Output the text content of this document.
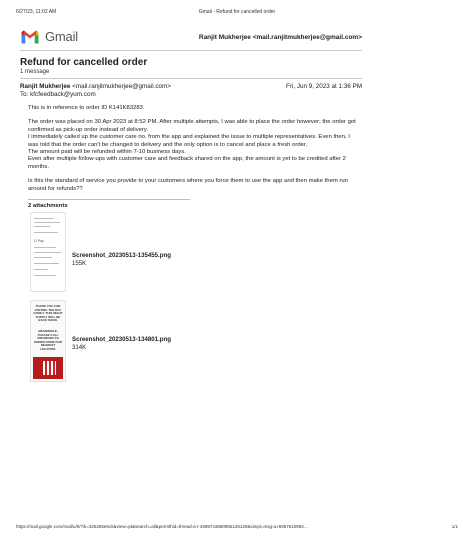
6/27/23, 11:02 AM	Gmail - Refund for cancelled order
Gmail	Ranjit Mukherjee <mail.ranjitmukherjee@gmail.com>
Refund for cancelled order
1 message
Ranjit Mukherjee <mail.ranjitmukherjee@gmail.com>	Fri, Jun 9, 2023 at 1:36 PM
To: kfcfeedback@yum.com

This is in reference to order ID K141K83283

The order was placed on 30 Apr 2023 at 8:52 PM. After multiple attempts, I was able to place the order however; the order got confirmed as pick-up order instead of delivery.
I immediately called up the customer care no. from the app and explained the issue to multiple representatives. Even then, I was told that the order can't be changed to delivery and the only option is to cancel and place a fresh order.
The amount paid will be refunded within 7-10 business days.
Even after multiple follow-ups with customer care and feedback shared on the app, the amount is yet to be credited after 2 months.

Is this the standard of service you provide to your customers where you force them to use the app and then make them run around for refunds??

2 attachments
G Pay
Screenshot_20230513-135455.png
155K
THANK YOU FOR VISITING THE KFC FAMILY. THIS NIGHT SUPPLY WILL BE BACK SOON.
MEANWHILE, PLEASE CALL 0000000000 TO ORDER FROM OUR NEAREST LOCATION.
Screenshot_20230513-134801.png
314K
https://mail.google.com/mail/u/0/?ik=325265e6c6&view=pt&search=all&permthid=thread-a:r-4998743680955126129&simpl=msg-a:r6957610894…	1/1
